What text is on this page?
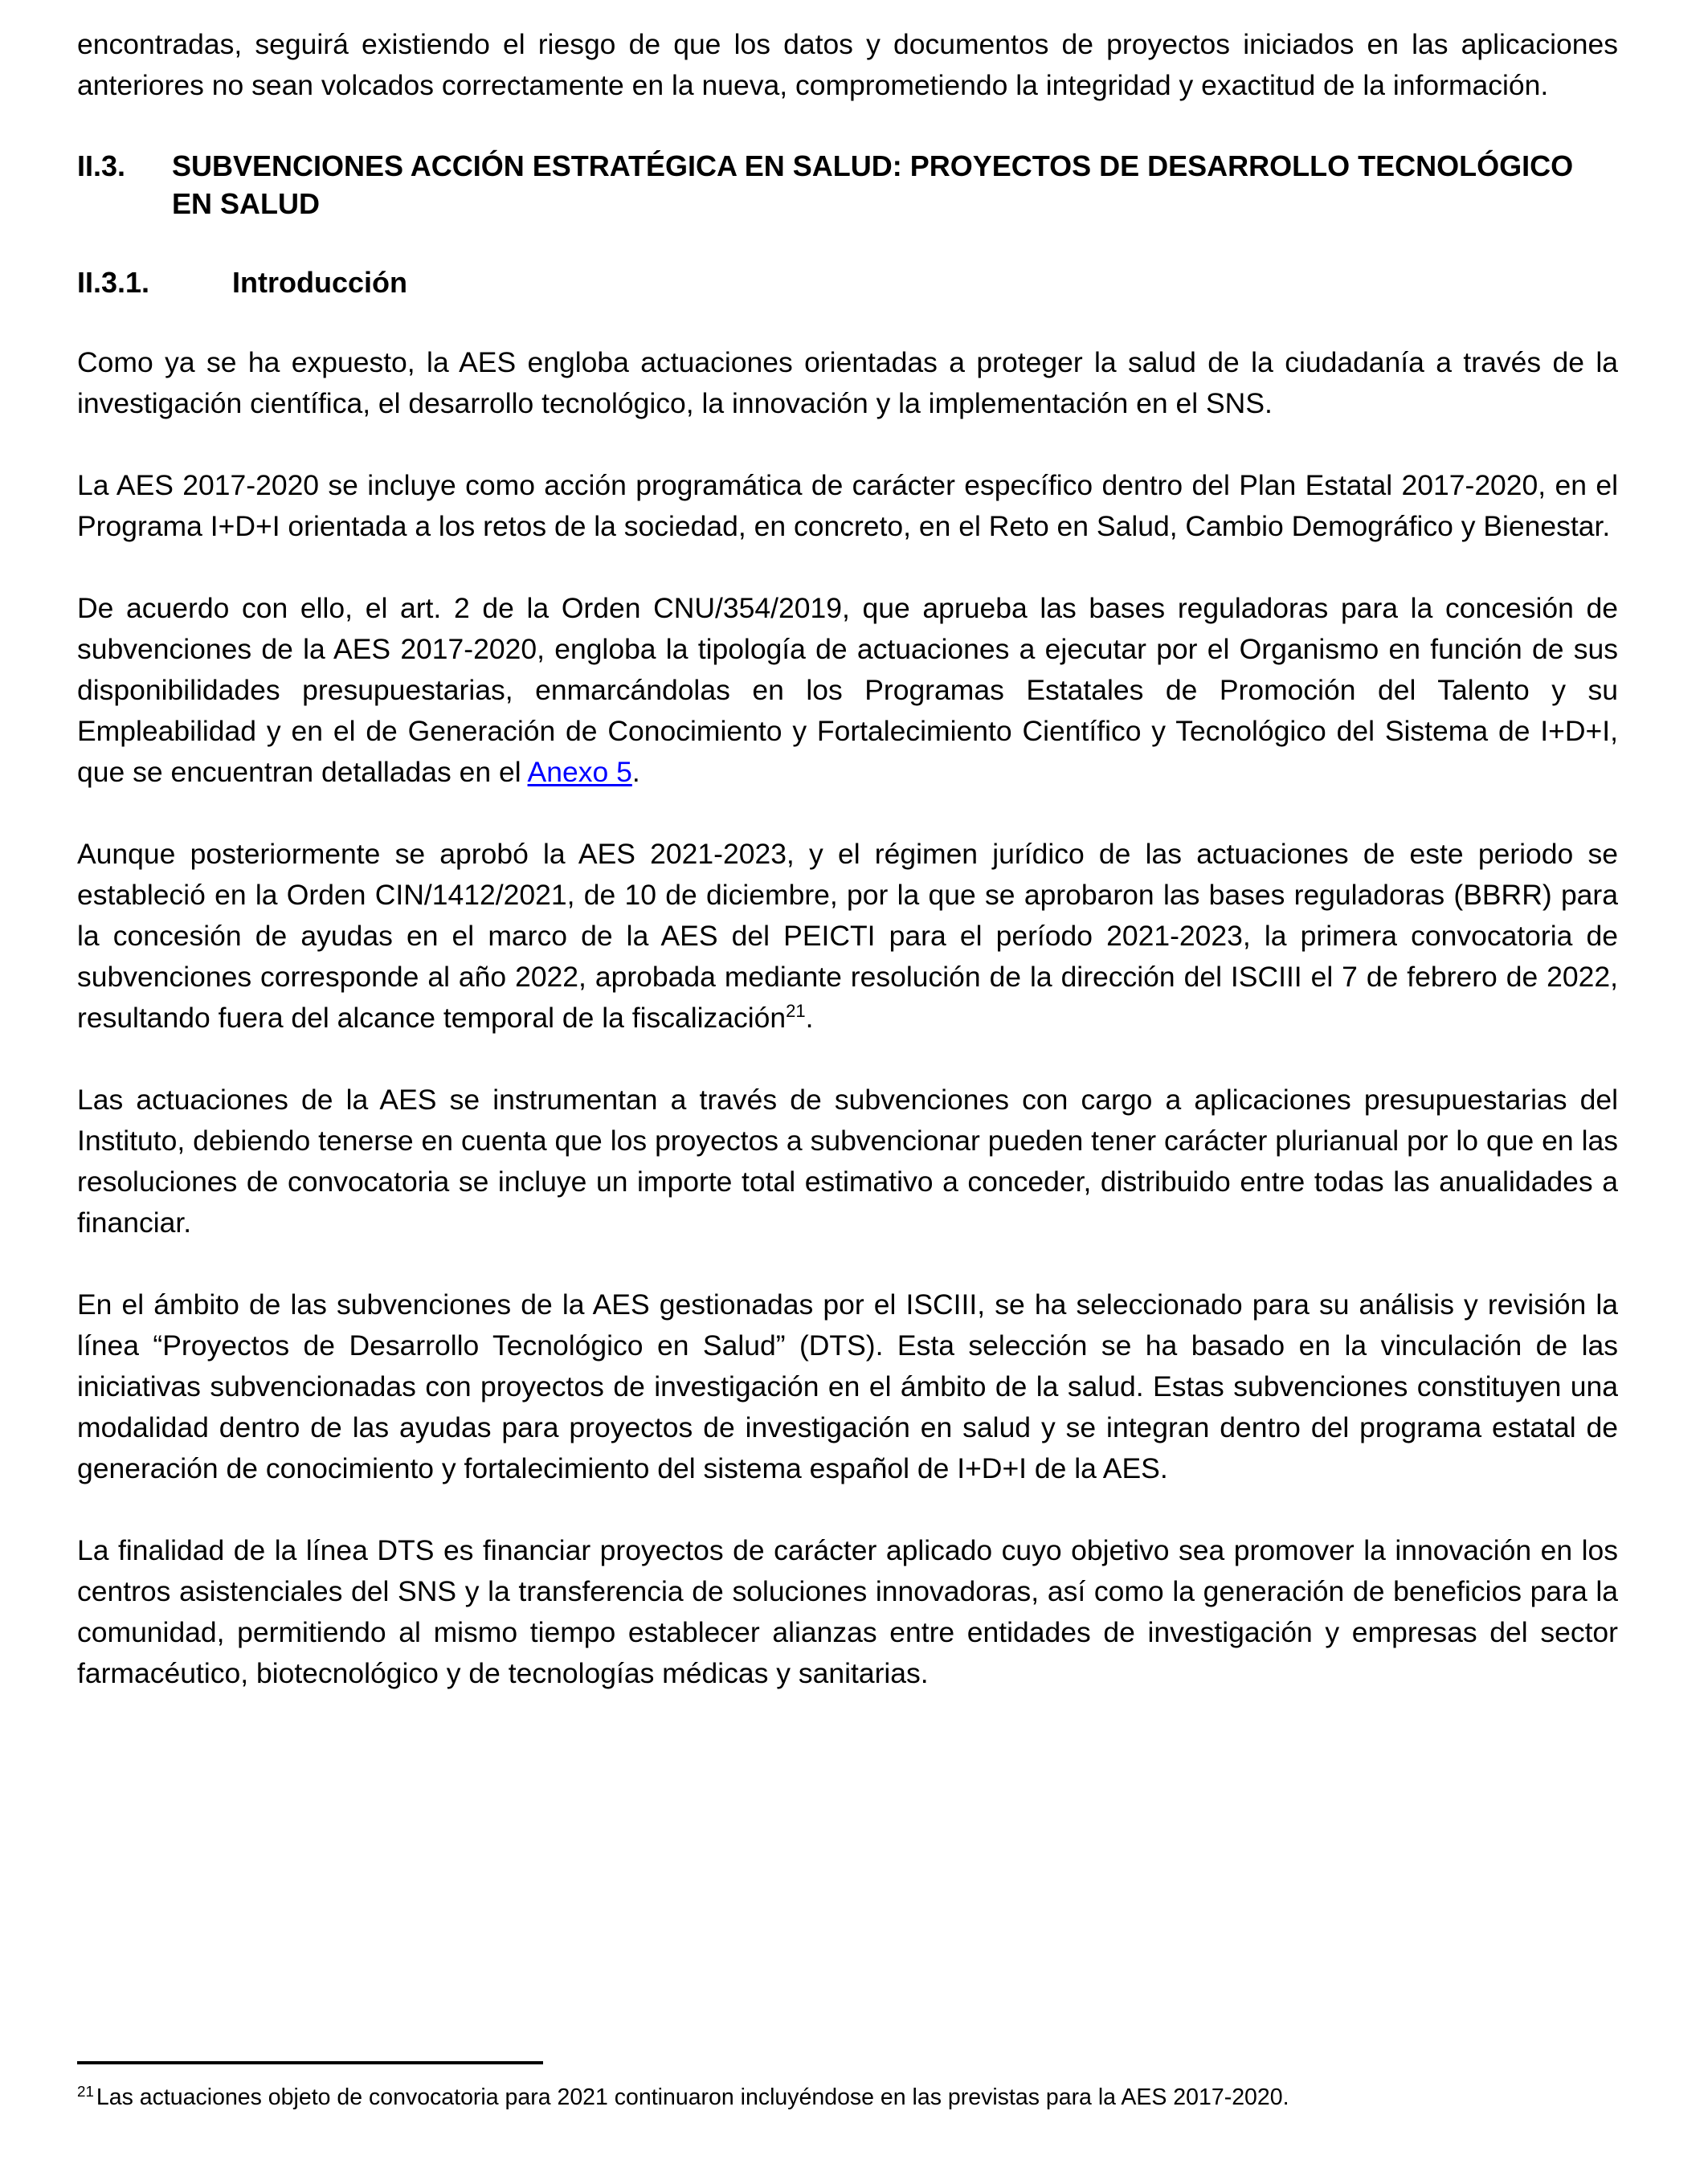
encontradas, seguirá existiendo el riesgo de que los datos y documentos de proyectos iniciados en las aplicaciones anteriores no sean volcados correctamente en la nueva, comprometiendo la integridad y exactitud de la información.

II.3.	SUBVENCIONES ACCIÓN ESTRATÉGICA EN SALUD: PROYECTOS DE DESARROLLO TECNOLÓGICO EN SALUD
II.3.1.	Introducción

Como ya se ha expuesto, la AES engloba actuaciones orientadas a proteger la salud de la ciudadanía a través de la investigación científica, el desarrollo tecnológico, la innovación y la implementación en el SNS.

La AES 2017-2020 se incluye como acción programática de carácter específico dentro del Plan Estatal 2017-2020, en el Programa I+D+I orientada a los retos de la sociedad, en concreto, en el Reto en Salud, Cambio Demográfico y Bienestar.

De acuerdo con ello, el art. 2 de la Orden CNU/354/2019, que aprueba las bases reguladoras para la concesión de subvenciones de la AES 2017-2020, engloba la tipología de actuaciones a ejecutar por el Organismo en función de sus disponibilidades presupuestarias, enmarcándolas en los Programas Estatales de Promoción del Talento y su Empleabilidad y en el de Generación de Conocimiento y Fortalecimiento Científico y Tecnológico del Sistema de I+D+I, que se encuentran detalladas en el Anexo 5.

Aunque posteriormente se aprobó la AES 2021-2023, y el régimen jurídico de las actuaciones de este periodo se estableció en la Orden CIN/1412/2021, de 10 de diciembre, por la que se aprobaron las bases reguladoras (BBRR) para la concesión de ayudas en el marco de la AES del PEICTI para el período 2021-2023, la primera convocatoria de subvenciones corresponde al año 2022, aprobada mediante resolución de la dirección del ISCIII el 7 de febrero de 2022, resultando fuera del alcance temporal de la fiscalización$^{21}$.

Las actuaciones de la AES se instrumentan a través de subvenciones con cargo a aplicaciones presupuestarias del Instituto, debiendo tenerse en cuenta que los proyectos a subvencionar pueden tener carácter plurianual por lo que en las resoluciones de convocatoria se incluye un importe total estimativo a conceder, distribuido entre todas las anualidades a financiar.

En el ámbito de las subvenciones de la AES gestionadas por el ISCIII, se ha seleccionado para su análisis y revisión la línea “Proyectos de Desarrollo Tecnológico en Salud” (DTS). Esta selección se ha basado en la vinculación de las iniciativas subvencionadas con proyectos de investigación en el ámbito de la salud. Estas subvenciones constituyen una modalidad dentro de las ayudas para proyectos de investigación en salud y se integran dentro del programa estatal de generación de conocimiento y fortalecimiento del sistema español de I+D+I de la AES.

La finalidad de la línea DTS es financiar proyectos de carácter aplicado cuyo objetivo sea promover la innovación en los centros asistenciales del SNS y la transferencia de soluciones innovadoras, así como la generación de beneficios para la comunidad, permitiendo al mismo tiempo establecer alianzas entre entidades de investigación y empresas del sector farmacéutico, biotecnológico y de tecnologías médicas y sanitarias.

$^{21}$ Las actuaciones objeto de convocatoria para 2021 continuaron incluyéndose en las previstas para la AES 2017-2020.
